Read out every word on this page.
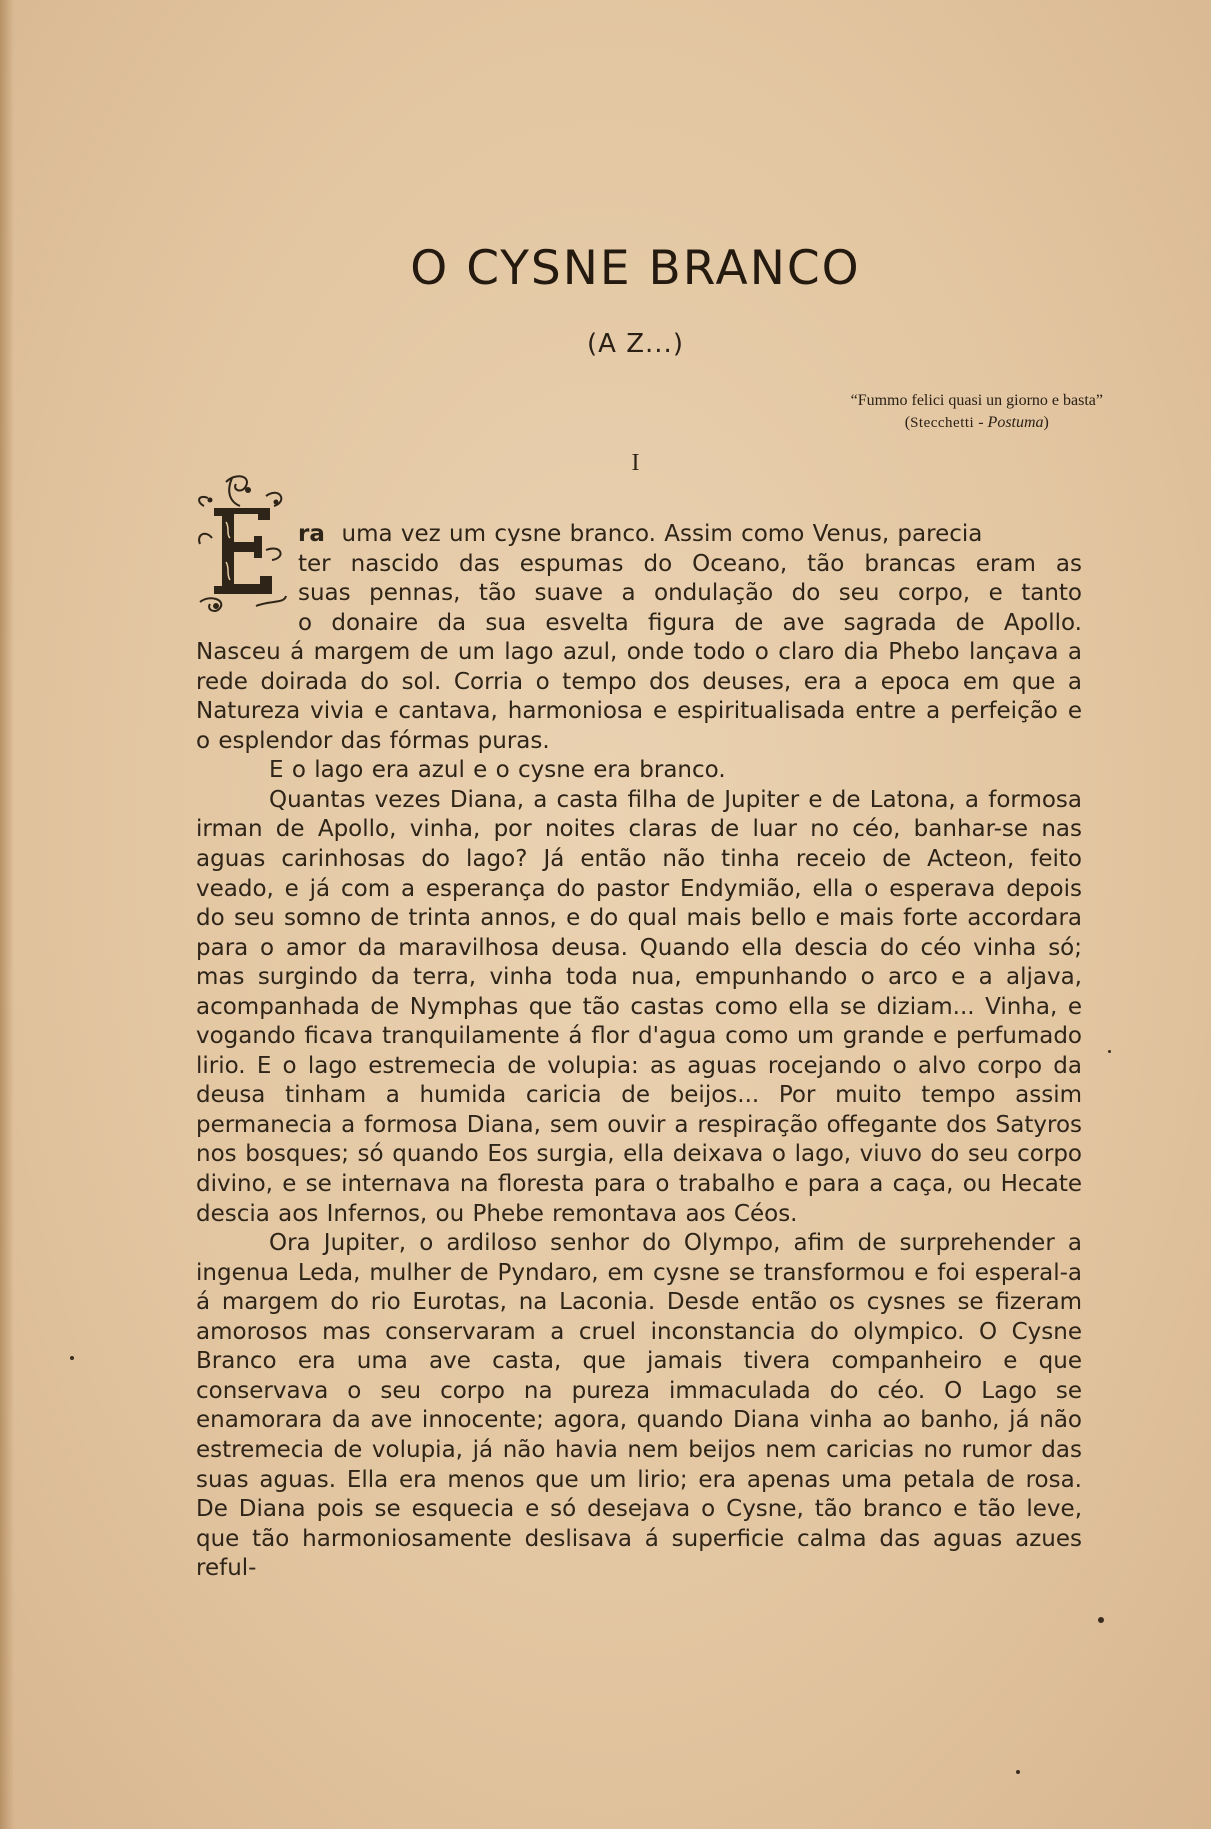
O CYSNE BRANCO
(A Z...)
“Fummo felici quasi un giorno e basta”
(Stecchetti - Postuma)
I

ra uma vez um cysne branco. Assim como Venus, parecia
ter nascido das espumas do Oceano, tão brancas eram as
suas pennas, tão suave a ondulação do seu corpo, e tanto
o donaire da sua esvelta figura de ave sagrada de Apollo.
Nasceu á margem de um lago azul, onde todo o claro dia Phebo lançava a rede doirada do sol. Corria o tempo dos deuses, era a epoca em que a Natureza vivia e cantava, harmoniosa e espiritualisada entre a perfeição e o esplendor das fórmas puras.

E o lago era azul e o cysne era branco.

Quantas vezes Diana, a casta filha de Jupiter e de Latona, a formosa irman de Apollo, vinha, por noites claras de luar no céo, banhar-se nas aguas carinhosas do lago? Já então não tinha receio de Acteon, feito veado, e já com a esperança do pastor Endymião, ella o esperava depois do seu somno de trinta annos, e do qual mais bello e mais forte accordara para o amor da maravilhosa deusa. Quando ella descia do céo vinha só; mas surgindo da terra, vinha toda nua, empunhando o arco e a aljava, acompanhada de Nymphas que tão castas como ella se diziam... Vinha, e vogando ficava tranquilamente á flor d'agua como um grande e perfumado lirio. E o lago estremecia de volupia: as aguas rocejando o alvo corpo da deusa tinham a humida caricia de beijos... Por muito tempo assim permanecia a formosa Diana, sem ouvir a respiração offegante dos Satyros nos bosques; só quando Eos surgia, ella deixava o lago, viuvo do seu corpo divino, e se internava na floresta para o trabalho e para a caça, ou Hecate descia aos Infernos, ou Phebe remontava aos Céos.

Ora Jupiter, o ardiloso senhor do Olympo, afim de surprehender a ingenua Leda, mulher de Pyndaro, em cysne se transformou e foi esperal-a á margem do rio Eurotas, na Laconia. Desde então os cysnes se fizeram amorosos mas conservaram a cruel inconstancia do olympico. O Cysne Branco era uma ave casta, que jamais tivera companheiro e que conservava o seu corpo na pureza immaculada do céo. O Lago se enamorara da ave innocente; agora, quando Diana vinha ao banho, já não estremecia de volupia, já não havia nem beijos nem caricias no rumor das suas aguas. Ella era menos que um lirio; era apenas uma petala de rosa. De Diana pois se esquecia e só desejava o Cysne, tão branco e tão leve, que tão harmoniosamente deslisava á superficie calma das aguas azues reful-
